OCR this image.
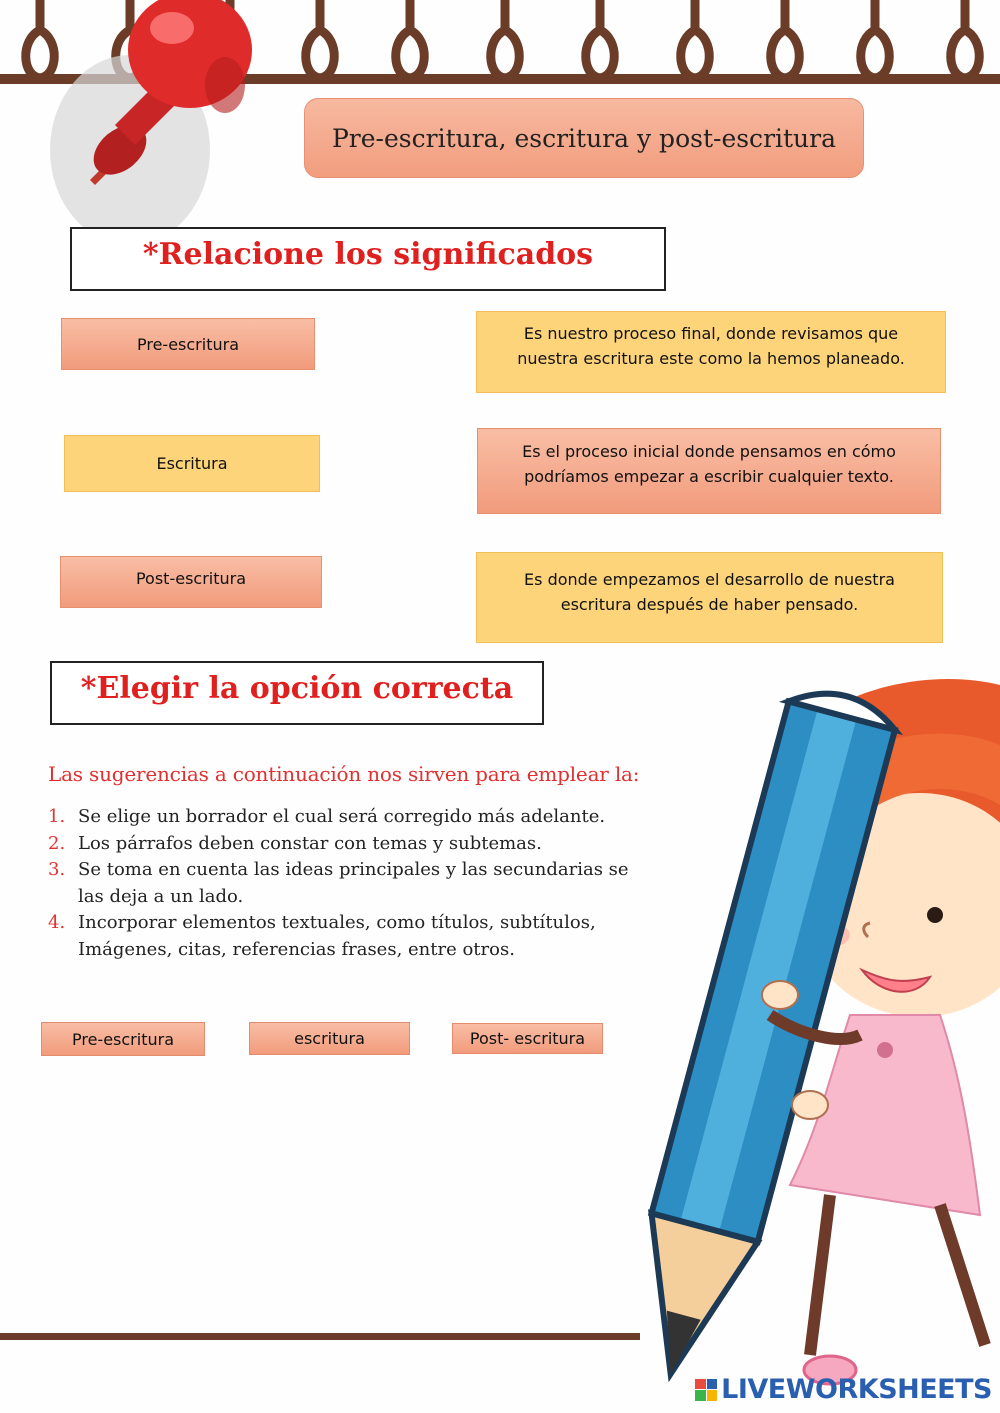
Pre-escritura, escritura y post-escritura
*Relacione los significados
Pre-escritura
Escritura
Post-escritura
Es nuestro proceso final, donde revisamos que nuestra escritura este como la hemos planeado.
Es el proceso inicial donde pensamos en cómo podríamos empezar a escribir cualquier texto.
Es donde empezamos el desarrollo de nuestra escritura después de haber pensado.
*Elegir la opción correcta
Las sugerencias a continuación nos sirven para emplear la:
1. Se elige un borrador el cual será corregido más adelante.
2. Los párrafos deben constar con temas y subtemas.
3. Se toma en cuenta las ideas principales y las secundarias se las deja a un lado.
4. Incorporar elementos textuales, como títulos, subtítulos, Imágenes, citas, referencias frases, entre otros.
Pre-escritura	escritura	Post- escritura
LIVEWORKSHEETS
